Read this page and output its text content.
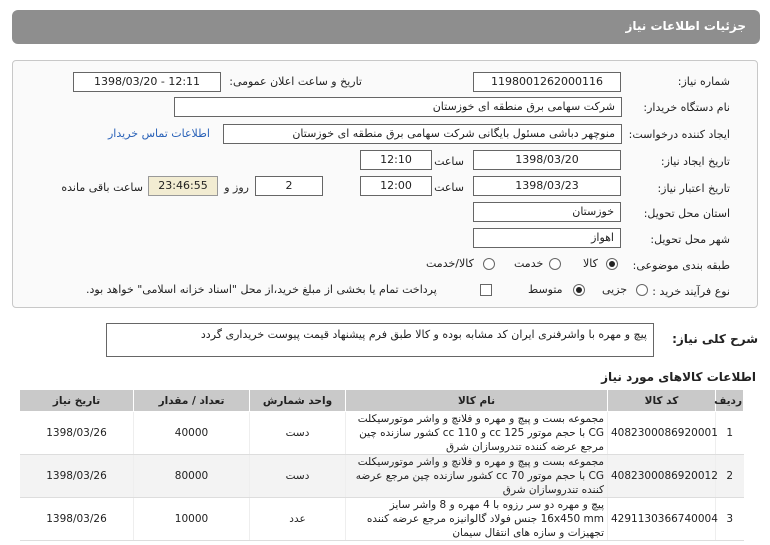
جزئیات اطلاعات نیاز
شماره نیاز:
1198001262000116
تاریخ و ساعت اعلان عمومی:
1398/03/20 - 12:11
نام دستگاه خریدار:
شرکت سهامی برق منطقه ای خوزستان
ایجاد کننده درخواست:
منوچهر دباشی مسئول بایگانی شرکت سهامی برق منطقه ای خوزستان
اطلاعات تماس خریدار
تاریخ ایجاد نیاز:
1398/03/20
ساعت
12:10
تاریخ اعتبار نیاز:
1398/03/23
ساعت
12:00
2
روز و
23:46:55
ساعت باقی مانده
استان محل تحویل:
خوزستان
شهر محل تحویل:
اهواز
طبقه بندی موضوعی:
کالا
خدمت
کالا/خدمت
نوع فرآیند خرید :
جزیی
متوسط
پرداخت تمام یا بخشی از مبلغ خرید،از محل "اسناد خزانه اسلامی" خواهد بود.
شرح کلی نیاز:
پیچ و مهره با واشرفنری ایران کد مشابه بوده و کالا طبق فرم پیشنهاد قیمت پیوست خریداری گردد
اطلاعات کالاهای مورد نیاز
ردیف	کد کالا	نام کالا	واحد شمارش	تعداد / مقدار	تاریخ نیاز
1	4082300086920001	مجموعه بست و پیچ و مهره و فلانچ و واشر موتورسیکلت CG با حجم موتور 125 cc و 110 cc کشور سازنده چین مرجع عرضه کننده تندروسازان شرق	دست	40000	1398/03/26
2	4082300086920012	مجموعه بست و پیچ و مهره و فلانچ و واشر موتورسیکلت CG با حجم موتور 70 cc کشور سازنده چین مرجع عرضه کننده تندروسازان شرق	دست	80000	1398/03/26
3	4291130366740004	پیچ و مهره دو سر رزوه با 4 مهره و 8 واشر سایز 16x450 mm جنس فولاد گالوانیزه مرجع عرضه کننده تجهیزات و سازه های انتقال سیمان	عدد	10000	1398/03/26
